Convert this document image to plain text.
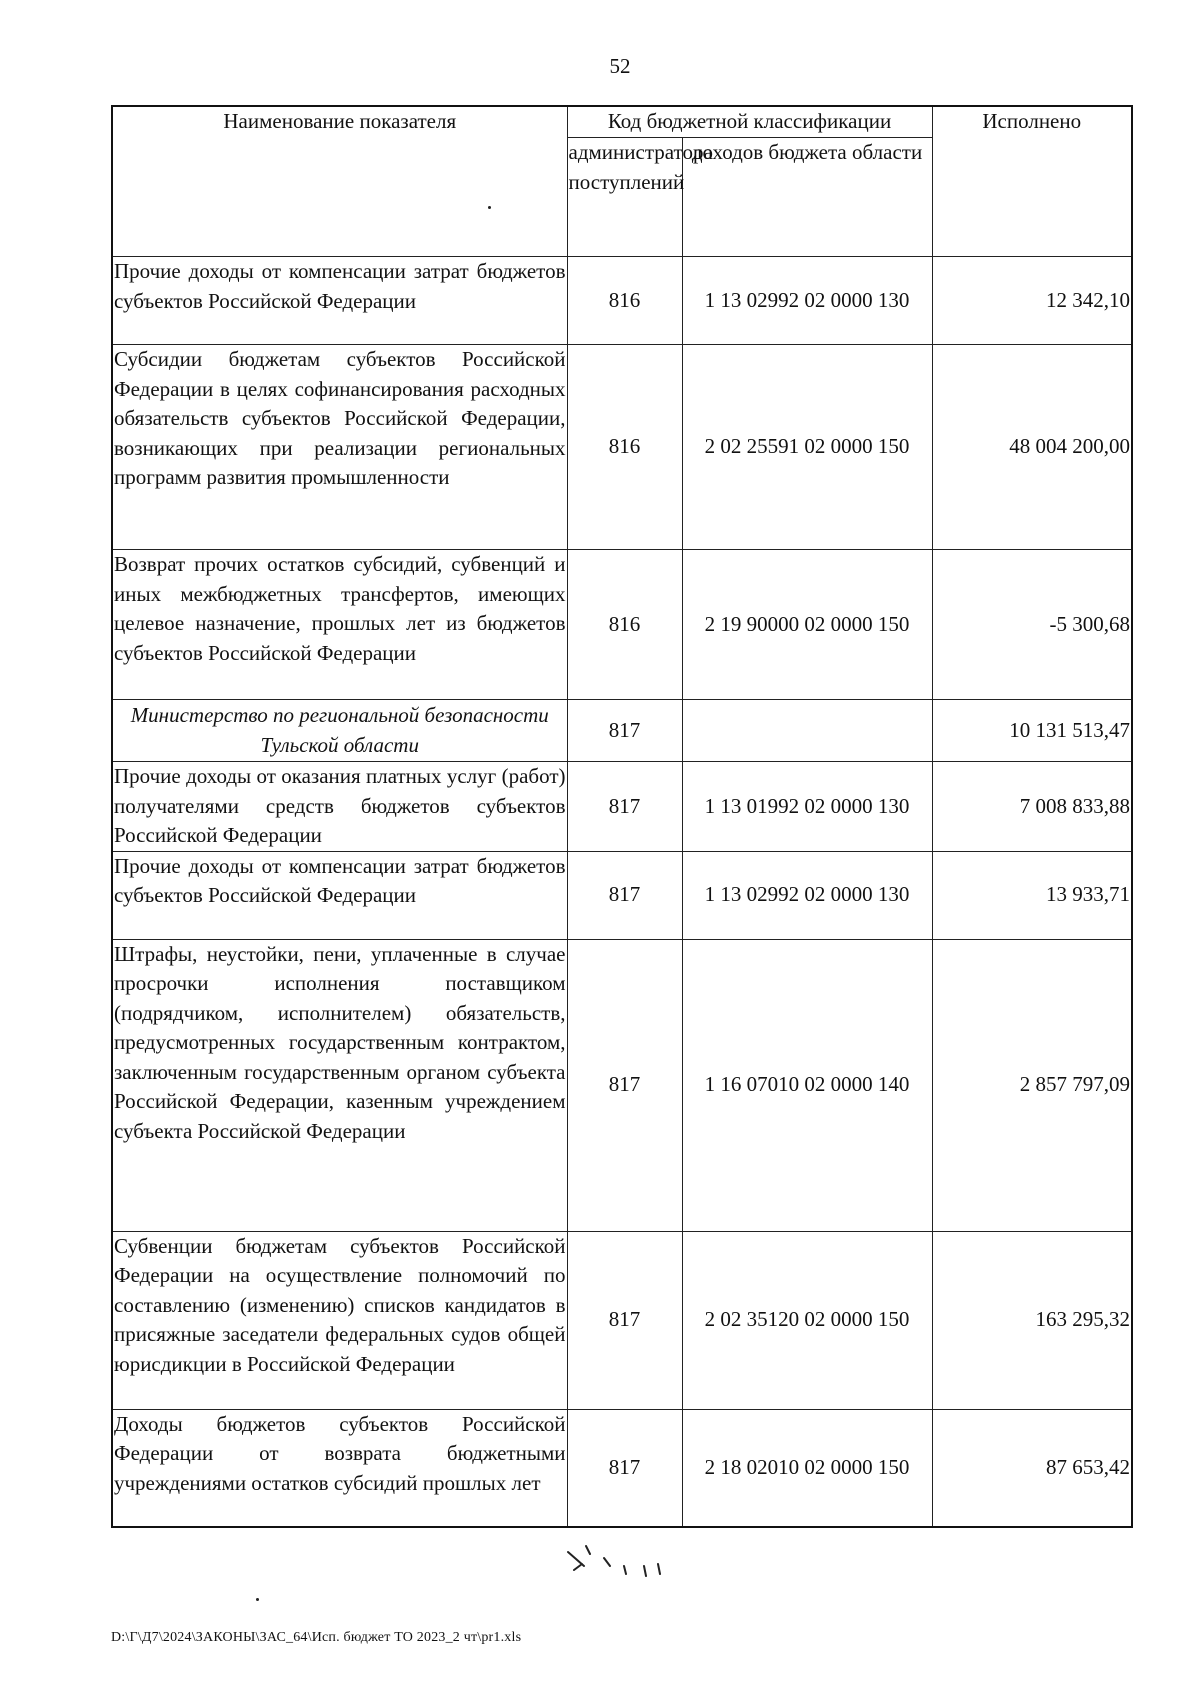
52
Наименование показателя	Код бюджетной классификации		Исполнено
	администратора поступлений	доходов бюджета области	
Прочие доходы от компенсации затрат бюджетов субъектов Российской Федерации	816	1 13 02992 02 0000 130	12 342,10
Субсидии бюджетам субъектов Российской Федерации в целях софинансирования расходных обязательств субъектов Российской Федерации, возникающих при реализации региональных программ развития промышленности	816	2 02 25591 02 0000 150	48 004 200,00
Возврат прочих остатков субсидий, субвенций и иных межбюджетных трансфертов, имеющих целевое назначение, прошлых лет из бюджетов субъектов Российской Федерации	816	2 19 90000 02 0000 150	-5 300,68
Министерство по региональной безопасности Тульской области	817		10 131 513,47
Прочие доходы от оказания платных услуг (работ) получателями средств бюджетов субъектов Российской Федерации	817	1 13 01992 02 0000 130	7 008 833,88
Прочие доходы от компенсации затрат бюджетов субъектов Российской Федерации	817	1 13 02992 02 0000 130	13 933,71
Штрафы, неустойки, пени, уплаченные в случае просрочки исполнения поставщиком (подрядчиком, исполнителем) обязательств, предусмотренных государственным контрактом, заключенным государственным органом субъекта Российской Федерации, казенным учреждением субъекта Российской Федерации	817	1 16 07010 02 0000 140	2 857 797,09
Субвенции бюджетам субъектов Российской Федерации на осуществление полномочий по составлению (изменению) списков кандидатов в присяжные заседатели федеральных судов общей юрисдикции в Российской Федерации	817	2 02 35120 02 0000 150	163 295,32
Доходы бюджетов субъектов Российской Федерации от возврата бюджетными учреждениями остатков субсидий прошлых лет	817	2 18 02010 02 0000 150	87 653,42
D:\Г\Д7\2024\ЗАКОНЫ\ЗАС_64\Исп. бюджет ТО 2023_2 чт\pr1.xls
